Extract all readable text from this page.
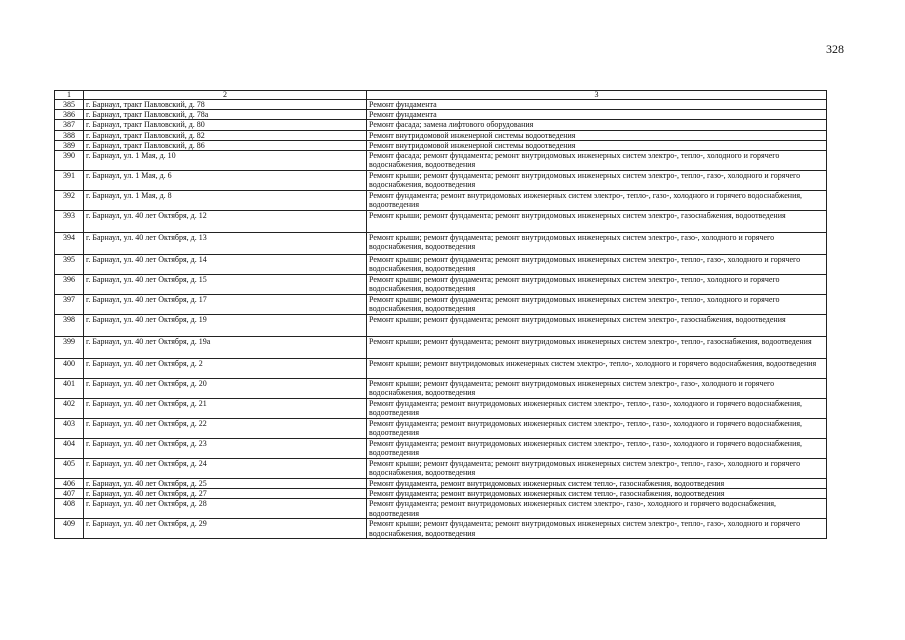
328
1	2	3
385	г. Барнаул, тракт Павловский, д. 78	Ремонт фундамента
386	г. Барнаул, тракт Павловский, д. 78а	Ремонт фундамента
387	г. Барнаул, тракт Павловский, д. 80	Ремонт фасада; замена лифтового оборудования
388	г. Барнаул, тракт Павловский, д. 82	Ремонт внутридомовой инженерной системы водоотведения
389	г. Барнаул, тракт Павловский, д. 86	Ремонт внутридомовой инженерной системы водоотведения
390	г. Барнаул, ул. 1 Мая, д. 10	Ремонт фасада; ремонт фундамента; ремонт внутридомовых инженерных систем электро-, тепло-, холодного и горячего водоснабжения, водоотведения
391	г. Барнаул, ул. 1 Мая, д. 6	Ремонт крыши; ремонт фундамента; ремонт внутридомовых инженерных систем электро-, тепло-, газо-, холодного и горячего водоснабжения, водоотведения
392	г. Барнаул, ул. 1 Мая, д. 8	Ремонт фундамента; ремонт внутридомовых инженерных систем электро-, тепло-, газо-, холодного и горячего водоснабжения, водоотведения
393	г. Барнаул, ул. 40 лет Октября, д. 12	Ремонт крыши; ремонт фундамента; ремонт внутридомовых инженерных систем электро-, газоснабжения, водоотведения
394	г. Барнаул, ул. 40 лет Октября, д. 13	Ремонт крыши; ремонт фундамента; ремонт внутридомовых инженерных систем электро-, газо-, холодного и горячего водоснабжения, водоотведения
395	г. Барнаул, ул. 40 лет Октября, д. 14	Ремонт крыши; ремонт фундамента; ремонт внутридомовых инженерных систем электро-, тепло-, газо-, холодного и горячего водоснабжения, водоотведения
396	г. Барнаул, ул. 40 лет Октября, д. 15	Ремонт крыши; ремонт фундамента; ремонт внутридомовых инженерных систем электро-, тепло-, холодного и горячего водоснабжения, водоотведения
397	г. Барнаул, ул. 40 лет Октября, д. 17	Ремонт крыши; ремонт фундамента; ремонт внутридомовых инженерных систем электро-, тепло-, холодного и горячего водоснабжения, водоотведения
398	г. Барнаул, ул. 40 лет Октября, д. 19	Ремонт крыши; ремонт фундамента; ремонт внутридомовых инженерных систем электро-, газоснабжения, водоотведения
399	г. Барнаул, ул. 40 лет Октября, д. 19а	Ремонт крыши; ремонт фундамента; ремонт внутридомовых инженерных систем электро-, тепло-, газоснабжения, водоотведения
400	г. Барнаул, ул. 40 лет Октября, д. 2	Ремонт крыши; ремонт внутридомовых инженерных систем электро-, тепло-, холодного и горячего водоснабжения, водоотведения
401	г. Барнаул, ул. 40 лет Октября, д. 20	Ремонт крыши; ремонт фундамента; ремонт внутридомовых инженерных систем электро-, газо-, холодного и горячего водоснабжения, водоотведения
402	г. Барнаул, ул. 40 лет Октября, д. 21	Ремонт фундамента; ремонт внутридомовых инженерных систем электро-, тепло-, газо-, холодного и горячего водоснабжения, водоотведения
403	г. Барнаул, ул. 40 лет Октября, д. 22	Ремонт фундамента; ремонт внутридомовых инженерных систем электро-, тепло-, газо-, холодного и горячего водоснабжения, водоотведения
404	г. Барнаул, ул. 40 лет Октября, д. 23	Ремонт фундамента; ремонт внутридомовых инженерных систем электро-, тепло-, газо-, холодного и горячего водоснабжения, водоотведения
405	г. Барнаул, ул. 40 лет Октября, д. 24	Ремонт крыши; ремонт фундамента; ремонт внутридомовых инженерных систем электро-, тепло-, газо-, холодного и горячего водоснабжения, водоотведения
406	г. Барнаул, ул. 40 лет Октября, д. 25	Ремонт фундамента, ремонт внутридомовых инженерных систем тепло-, газоснабжения, водоотведения
407	г. Барнаул, ул. 40 лет Октября, д. 27	Ремонт фундамента; ремонт внутридомовых инженерных систем тепло-, газоснабжения, водоотведения
408	г. Барнаул, ул. 40 лет Октября, д. 28	Ремонт фундамента; ремонт внутридомовых инженерных систем электро-, газо-, холодного и горячего водоснабжения, водоотведения
409	г. Барнаул, ул. 40 лет Октября, д. 29	Ремонт крыши; ремонт фундамента; ремонт внутридомовых инженерных систем электро-, тепло-, газо-, холодного и горячего водоснабжения, водоотведения
